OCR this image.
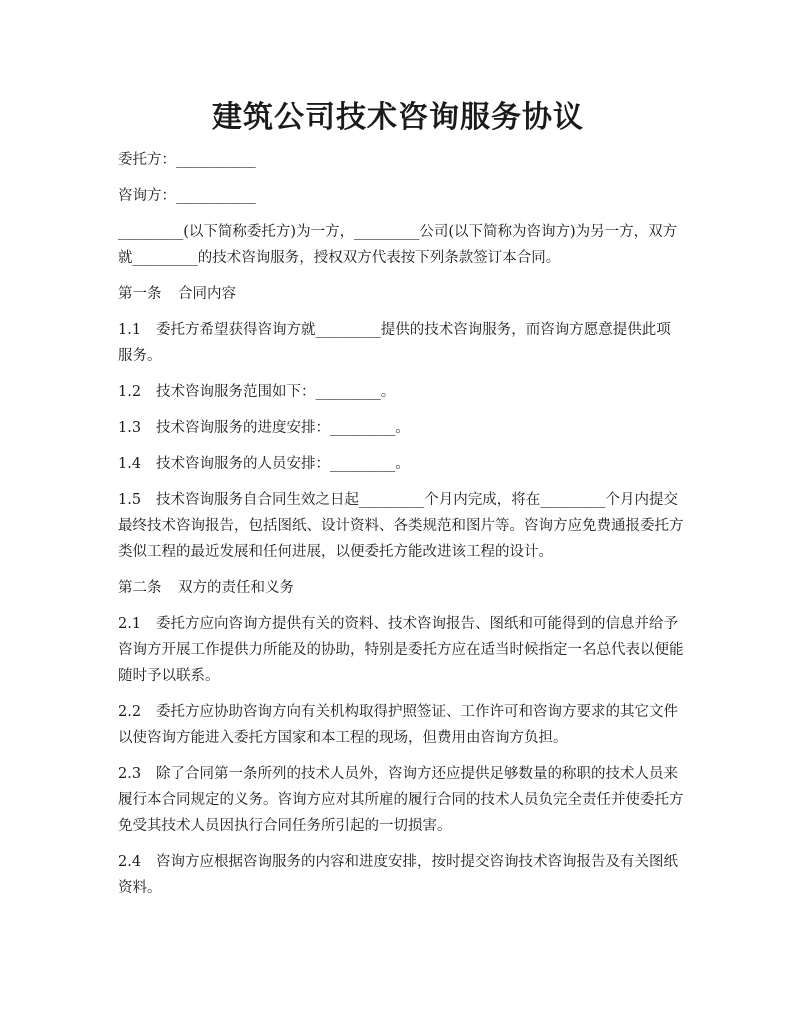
建筑公司技术咨询服务协议

委托方：___________

咨询方：___________

_________(以下简称委托方)为一方，_________公司(以下简称为咨询方)为另一方，双方就_________的技术咨询服务，授权双方代表按下列条款签订本合同。

第一条 合同内容

1.1 委托方希望获得咨询方就_________提供的技术咨询服务，而咨询方愿意提供此项服务。

1.2 技术咨询服务范围如下：_________。

1.3 技术咨询服务的进度安排：_________。

1.4 技术咨询服务的人员安排：_________。

1.5 技术咨询服务自合同生效之日起_________个月内完成，将在_________个月内提交最终技术咨询报告，包括图纸、设计资料、各类规范和图片等。咨询方应免费通报委托方类似工程的最近发展和任何进展，以便委托方能改进该工程的设计。

第二条 双方的责任和义务

2.1 委托方应向咨询方提供有关的资料、技术咨询报告、图纸和可能得到的信息并给予咨询方开展工作提供力所能及的协助，特别是委托方应在适当时候指定一名总代表以便能随时予以联系。

2.2 委托方应协助咨询方向有关机构取得护照签证、工作许可和咨询方要求的其它文件以使咨询方能进入委托方国家和本工程的现场，但费用由咨询方负担。

2.3 除了合同第一条所列的技术人员外，咨询方还应提供足够数量的称职的技术人员来履行本合同规定的义务。咨询方应对其所雇的履行合同的技术人员负完全责任并使委托方免受其技术人员因执行合同任务所引起的一切损害。

2.4 咨询方应根据咨询服务的内容和进度安排，按时提交咨询技术咨询报告及有关图纸资料。
